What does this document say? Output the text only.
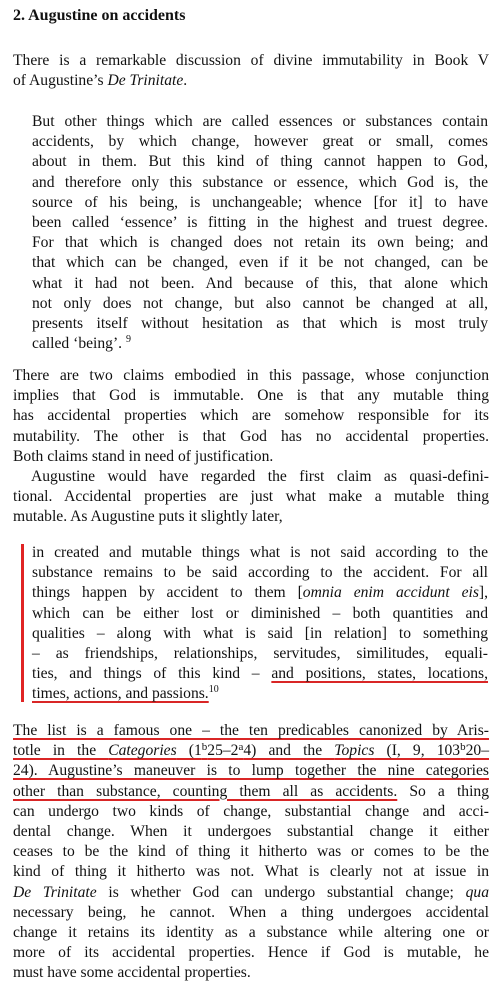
2. Augustine on accidents
There is a remarkable discussion of divine immutability in Book V
of Augustine’s De Trinitate.
But other things which are called essences or substances contain
accidents, by which change, however great or small, comes
about in them. But this kind of thing cannot happen to God,
and therefore only this substance or essence, which God is, the
source of his being, is unchangeable; whence [for it] to have
been called ‘essence’ is fitting in the highest and truest degree.
For that which is changed does not retain its own being; and
that which can be changed, even if it be not changed, can be
what it had not been. And because of this, that alone which
not only does not change, but also cannot be changed at all,
presents itself without hesitation as that which is most truly
called ‘being’. $^9$
There are two claims embodied in this passage, whose conjunction
implies that God is immutable. One is that any mutable thing
has accidental properties which are somehow responsible for its
mutability. The other is that God has no accidental properties.
Both claims stand in need of justification.
Augustine would have regarded the first claim as quasi-defini-
tional. Accidental properties are just what make a mutable thing
mutable. As Augustine puts it slightly later,
in created and mutable things what is not said according to the
substance remains to be said according to the accident. For all
things happen by accident to them [omnia enim accidunt eis],
which can be either lost or diminished – both quantities and
qualities – along with what is said [in relation] to something
– as friendships, relationships, servitudes, similitudes, equali-
ties, and things of this kind – and positions, states, locations,
times, actions, and passions.$^{10}$
The list is a famous one – the ten predicables canonized by Aris-
totle in the Categories (1$^b$25–2$^a$4) and the Topics (I, 9, 103$^b$20–
24). Augustine’s maneuver is to lump together the nine categories
other than substance, counting them all as accidents. So a thing
can undergo two kinds of change, substantial change and acci-
dental change. When it undergoes substantial change it either
ceases to be the kind of thing it hitherto was or comes to be the
kind of thing it hitherto was not. What is clearly not at issue in
De Trinitate is whether God can undergo substantial change; qua
necessary being, he cannot. When a thing undergoes accidental
change it retains its identity as a substance while altering one or
more of its accidental properties. Hence if God is mutable, he
must have some accidental properties.
